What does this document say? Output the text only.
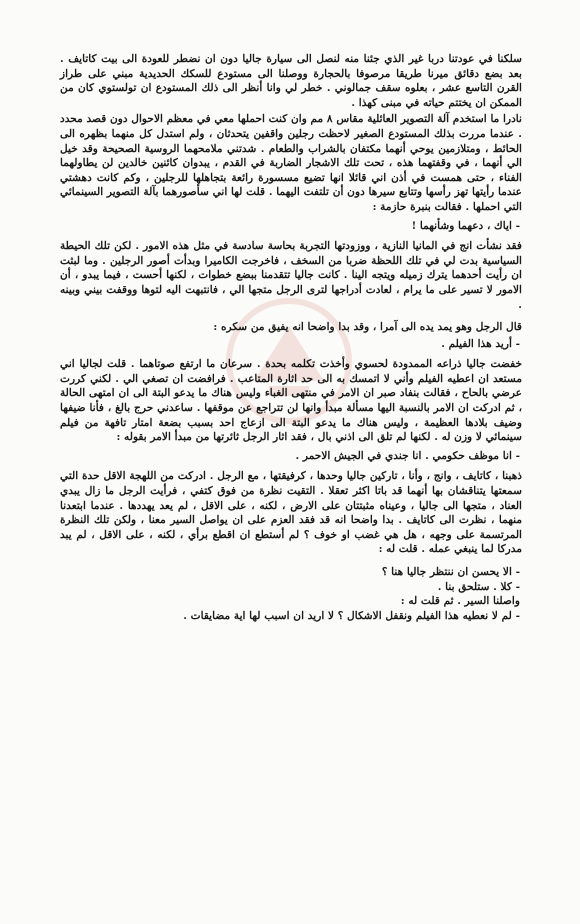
سلكنا في عودتنا دربا غير الذي جئنا منه لنصل الى سيارة جاليا دون ان نضطر للعودة الى بيت كاتايف . بعد بضع دقائق ميرنا طريقا مرصوفا بالحجارة ووصلنا الى مستودع للسكك الحديدية مبني على طراز القرن التاسع عشر ، بعلوه سقف جمالوني . خطر لي وانا أنظر الى ذلك المستودع ان تولستوي كان من الممكن ان يختتم حياته في مبنى كهذا .

نادرا ما استخدم آلة التصوير العائلية مقاس ٨ مم وان كنت احملها معي في معظم الاحوال دون قصد محدد . عندما مررت بذلك المستودع الصغير لاحظت رجلين واقفين يتحدثان ، ولم استدل كل منهما بظهره الى الحائط ، ومتلازمين يوحي أنهما مكتفان بالشراب والطعام . شدتني ملامحهما الروسية الصحيحة وقد خيل الي أنهما ، في وقفتهما هذه ، تحت تلك الاشجار الضاربة في القدم ، يبدوان كائنين خالدين لن يطاولهما الفناء ، حتى همست في أذن اني قائلا انها تضيع مسسورة رائعة بتجاهلها للرجلين ، وكم كانت دهشتي عندما رأيتها تهز رأسها وتتابع سيرها دون أن تلتفت اليهما . قلت لها اني سأصورهما بآلة التصوير السينمائي التي احملها . فقالت بنبرة حازمة :

- اياك ، دعهما وشأنهما !

فقد نشأت انج في المانيا النازية ، ووزودتها التجربة بحاسة سادسة في مثل هذه الامور . لكن تلك الحيطة السياسية بدت لي في تلك اللحظة ضربا من السخف ، فاخرجت الكاميرا وبدأت أصور الرجلين . وما لبثت ان رأيت أحدهما يترك زميله ويتجه الينا . كانت جاليا تتقدمنا ببضع خطوات ، لكنها أحست ، فيما يبدو ، أن الامور لا تسير على ما يرام ، لعادت أدراجها لترى الرجل متجها الي ، فانتبهت اليه لتوها ووقفت بيني وبينه .

قال الرجل وهو يمد يده الى آمرا ، وقد بدا واضحا انه يفيق من سكره :

- أريد هذا الفيلم .

خفضت جاليا ذراعه الممدودة لحسوي وأخذت تكلمه بحدة . سرعان ما ارتفع صوتاهما . قلت لجاليا اني مستعد ان اعطيه الفيلم وأني لا اتمسك به الى حد اثارة المتاعب . فرافضت ان تصغي الي . لكني كررت عرضي بالحاح ، فقالت بنفاد صبر ان الامر في منتهى الغباء وليس هناك ما يدعو البتة الى ان امتهى الحالة ، ثم ادركت ان الامر بالنسبة اليها مسألة مبدأ وانها لن تتراجع عن موقفها . ساعدني حرج بالغ ، فأنا ضيفها وضيف بلادها العظيمة ، وليس هناك ما يدعو البتة الى ازعاج احد بسبب بضعة امتار تافهة من فيلم سينمائي لا وزن له . لكنها لم تلق الى اذني بال ، فقد اثار الرجل ثائرتها من مبدأ الامر بقوله :

- انا موظف حكومي . انا جندي في الجيش الاحمر .

ذهبنا ، كاتايف ، وانج ، وأنا ، تاركين جاليا وحدها ، كرفيقتها ، مع الرجل . ادركت من اللهجة الاقل حدة التي سمعتها يتناقشان بها أنهما قد باتا اكثر تعقلا . التقيت نظرة من فوق كتفي ، فرأيت الرجل ما زال يبدي العناد ، متجها الى جاليا ، وعيناه مثبتتان على الارض ، لكنه ، على الاقل ، لم يعد يهددها . عندما ابتعدنا منهما ، نظرت الى كاتايف . بدا واضحا انه قد فقد العزم على ان يواصل السير معنا ، ولكن تلك النظرة المرتسمة على وجهه ، هل هي غضب او خوف ؟ لم أستطع ان اقطع برأي ، لكنه ، على الاقل ، لم يبد مدركا لما ينبغي عمله . قلت له :

- الا يحسن ان ننتظر جاليا هنا ؟

- كلا . ستلحق بنا .

واصلنا السير . ثم قلت له :

- لم لا نعطيه هذا الفيلم ونقفل الاشكال ؟ لا اريد ان اسبب لها اية مضايقات .
